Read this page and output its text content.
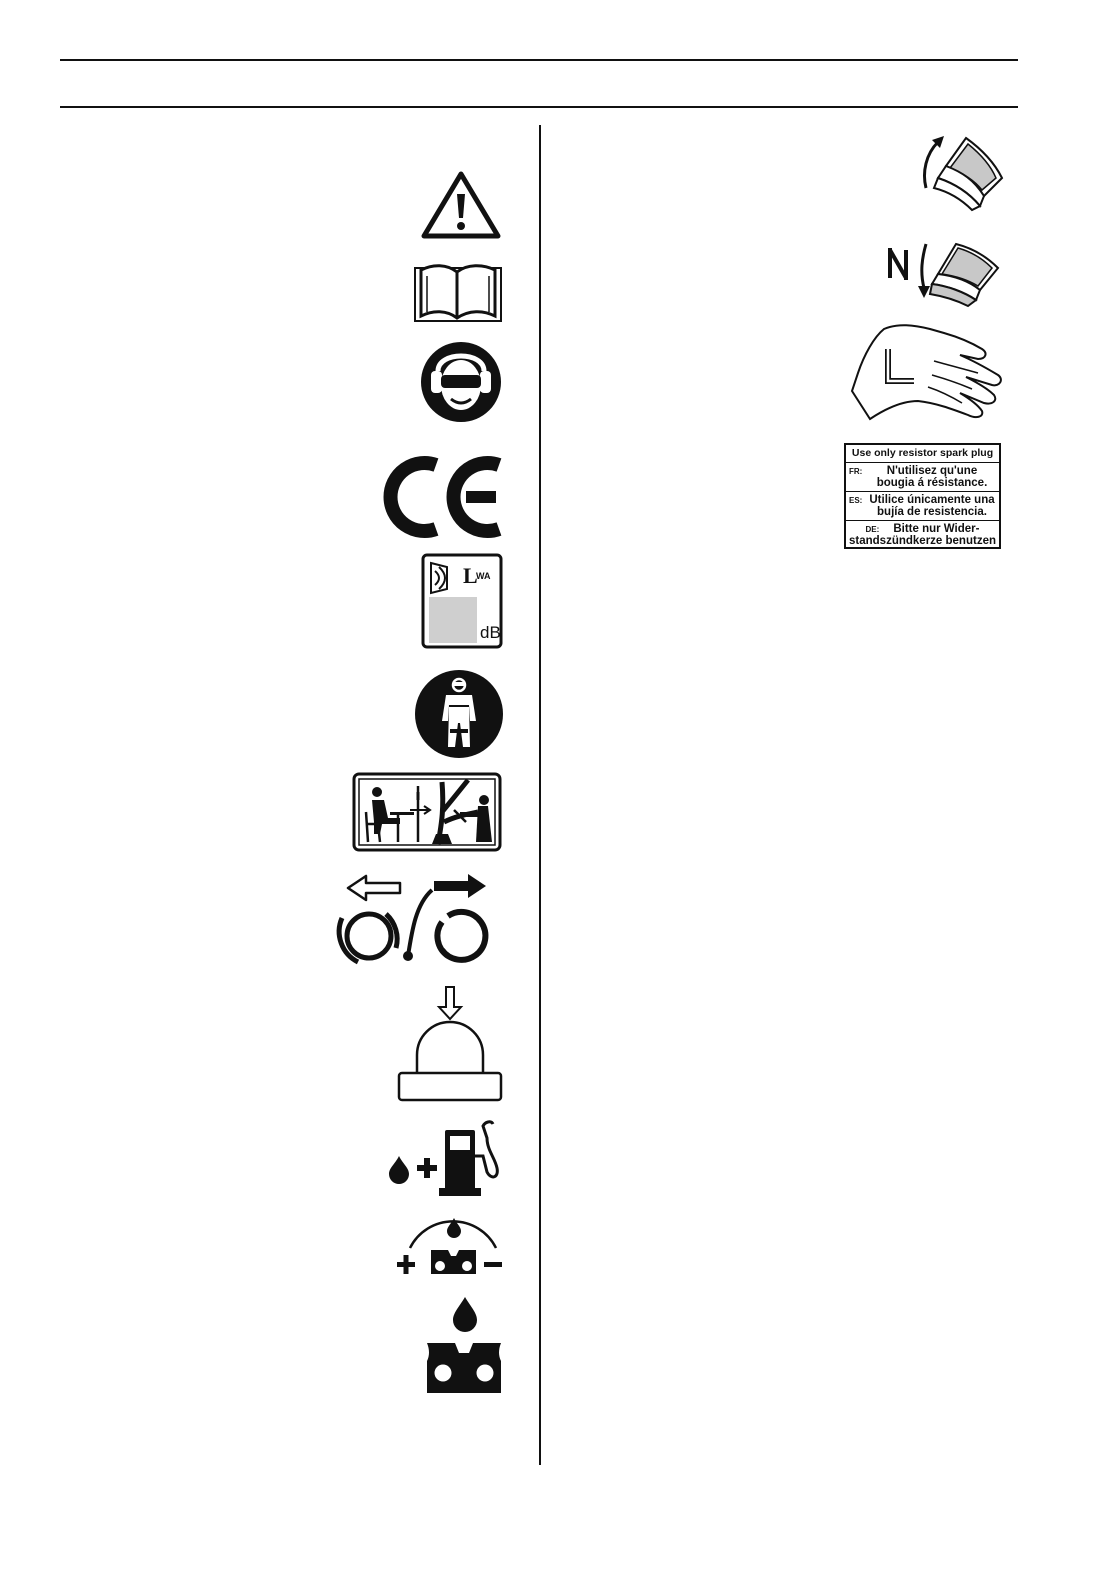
L
WA
dB
Use only resistor spark plug
FR:	N'utilisez qu'une
bougia á résistance.
ES: Utilice únicamente una
bujía de resistencia.
DE: Bitte nur Wider-
standszündkerze benutzen
